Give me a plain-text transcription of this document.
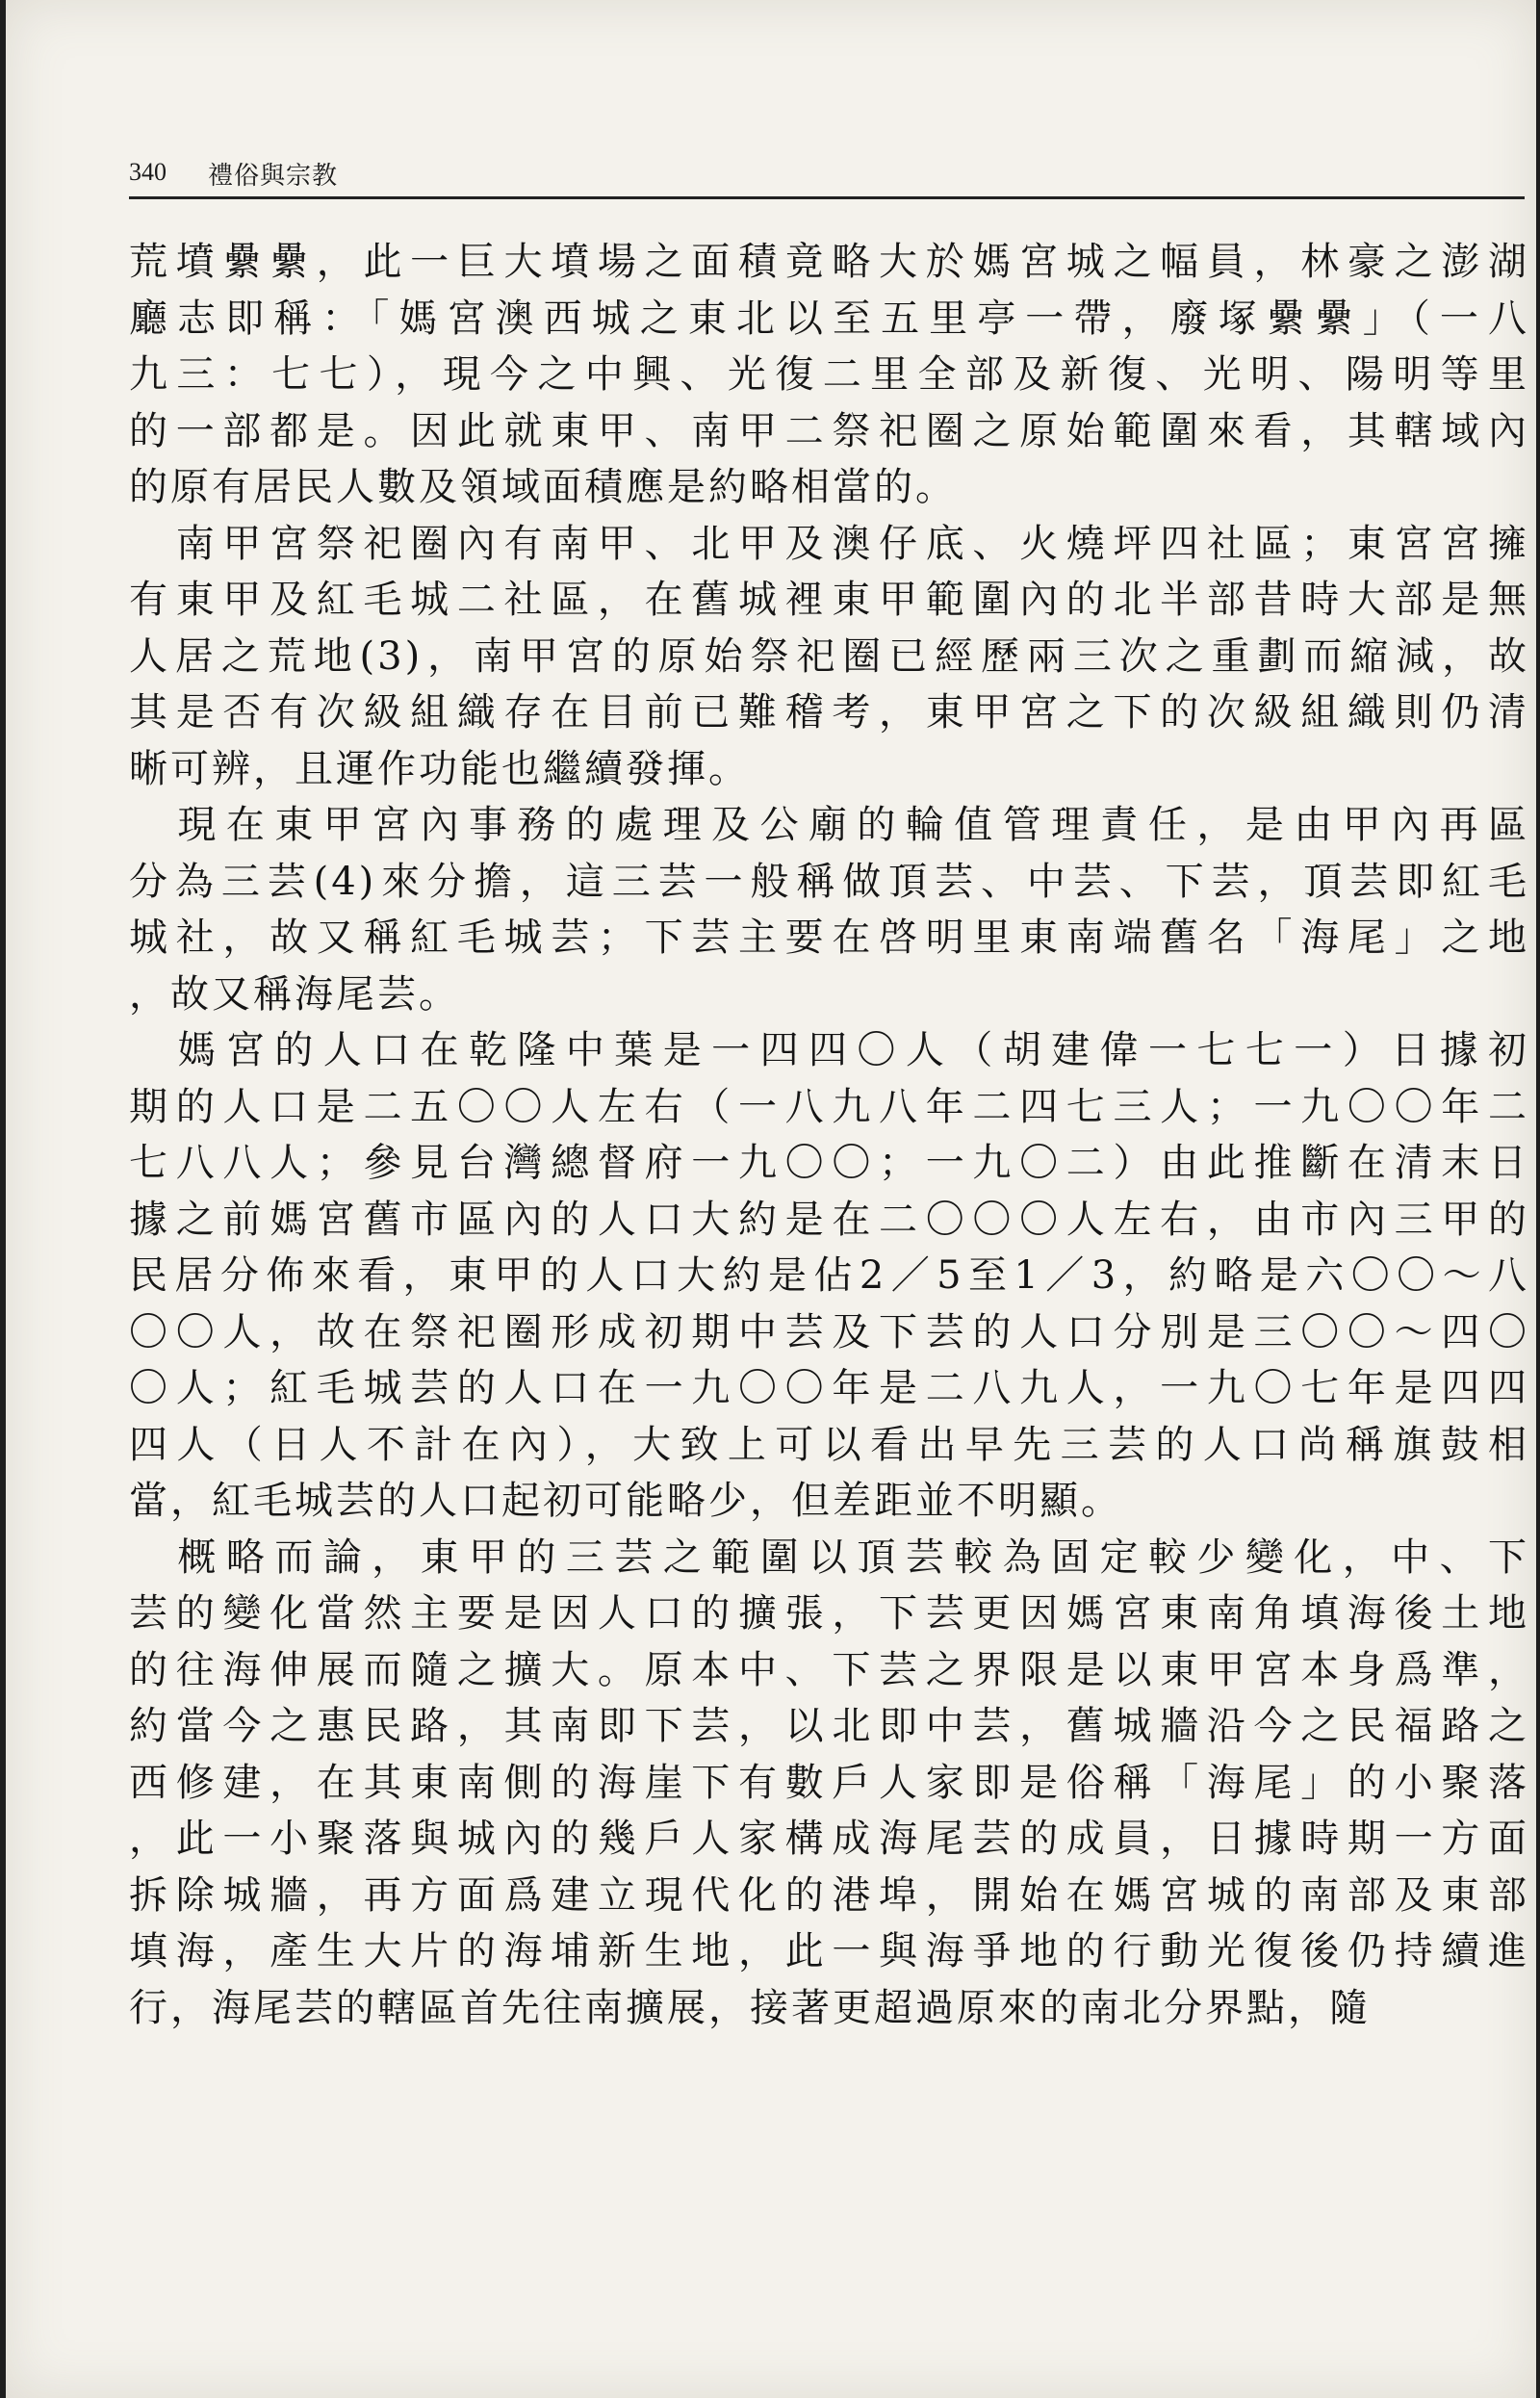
340 禮俗與宗教
荒墳纍纍，此一巨大墳場之面積竟略大於媽宮城之幅員，林豪之澎湖
廳志即稱：「媽宮澳西城之東北以至五里亭一帶，廢塚纍纍」（一八
九三：七七），現今之中興、光復二里全部及新復、光明、陽明等里
的一部都是。因此就東甲、南甲二祭祀圈之原始範圍來看，其轄域內
的原有居民人數及領域面積應是約略相當的。
　南甲宮祭祀圈內有南甲、北甲及澳仔底、火燒坪四社區；東宮宮擁
有東甲及紅毛城二社區，在舊城裡東甲範圍內的北半部昔時大部是無
人居之荒地(3)，南甲宮的原始祭祀圈已經歷兩三次之重劃而縮減，故
其是否有次級組織存在目前已難稽考，東甲宮之下的次級組織則仍清
晰可辨，且運作功能也繼續發揮。
　現在東甲宮內事務的處理及公廟的輪值管理責任，是由甲內再區
分為三芸(4)來分擔，這三芸一般稱做頂芸、中芸、下芸，頂芸即紅毛
城社，故又稱紅毛城芸；下芸主要在啓明里東南端舊名「海尾」之地
，故又稱海尾芸。
　媽宮的人口在乾隆中葉是一四四〇人（胡建偉一七七一）日據初
期的人口是二五〇〇人左右（一八九八年二四七三人；一九〇〇年二
七八八人；參見台灣總督府一九〇〇；一九〇二）由此推斷在清末日
據之前媽宮舊市區內的人口大約是在二〇〇〇人左右，由市內三甲的
民居分佈來看，東甲的人口大約是佔2／5至1／3，約略是六〇〇～八
〇〇人，故在祭祀圈形成初期中芸及下芸的人口分別是三〇〇～四〇
〇人；紅毛城芸的人口在一九〇〇年是二八九人，一九〇七年是四四
四人（日人不計在內），大致上可以看出早先三芸的人口尚稱旗鼓相
當，紅毛城芸的人口起初可能略少，但差距並不明顯。
　概略而論，東甲的三芸之範圍以頂芸較為固定較少變化，中、下
芸的變化當然主要是因人口的擴張，下芸更因媽宮東南角填海後土地
的往海伸展而隨之擴大。原本中、下芸之界限是以東甲宮本身爲準，
約當今之惠民路，其南即下芸，以北即中芸，舊城牆沿今之民福路之
西修建，在其東南側的海崖下有數戶人家即是俗稱「海尾」的小聚落
，此一小聚落與城內的幾戶人家構成海尾芸的成員，日據時期一方面
拆除城牆，再方面爲建立現代化的港埠，開始在媽宮城的南部及東部
填海，產生大片的海埔新生地，此一與海爭地的行動光復後仍持續進
行，海尾芸的轄區首先往南擴展，接著更超過原來的南北分界點，隨
